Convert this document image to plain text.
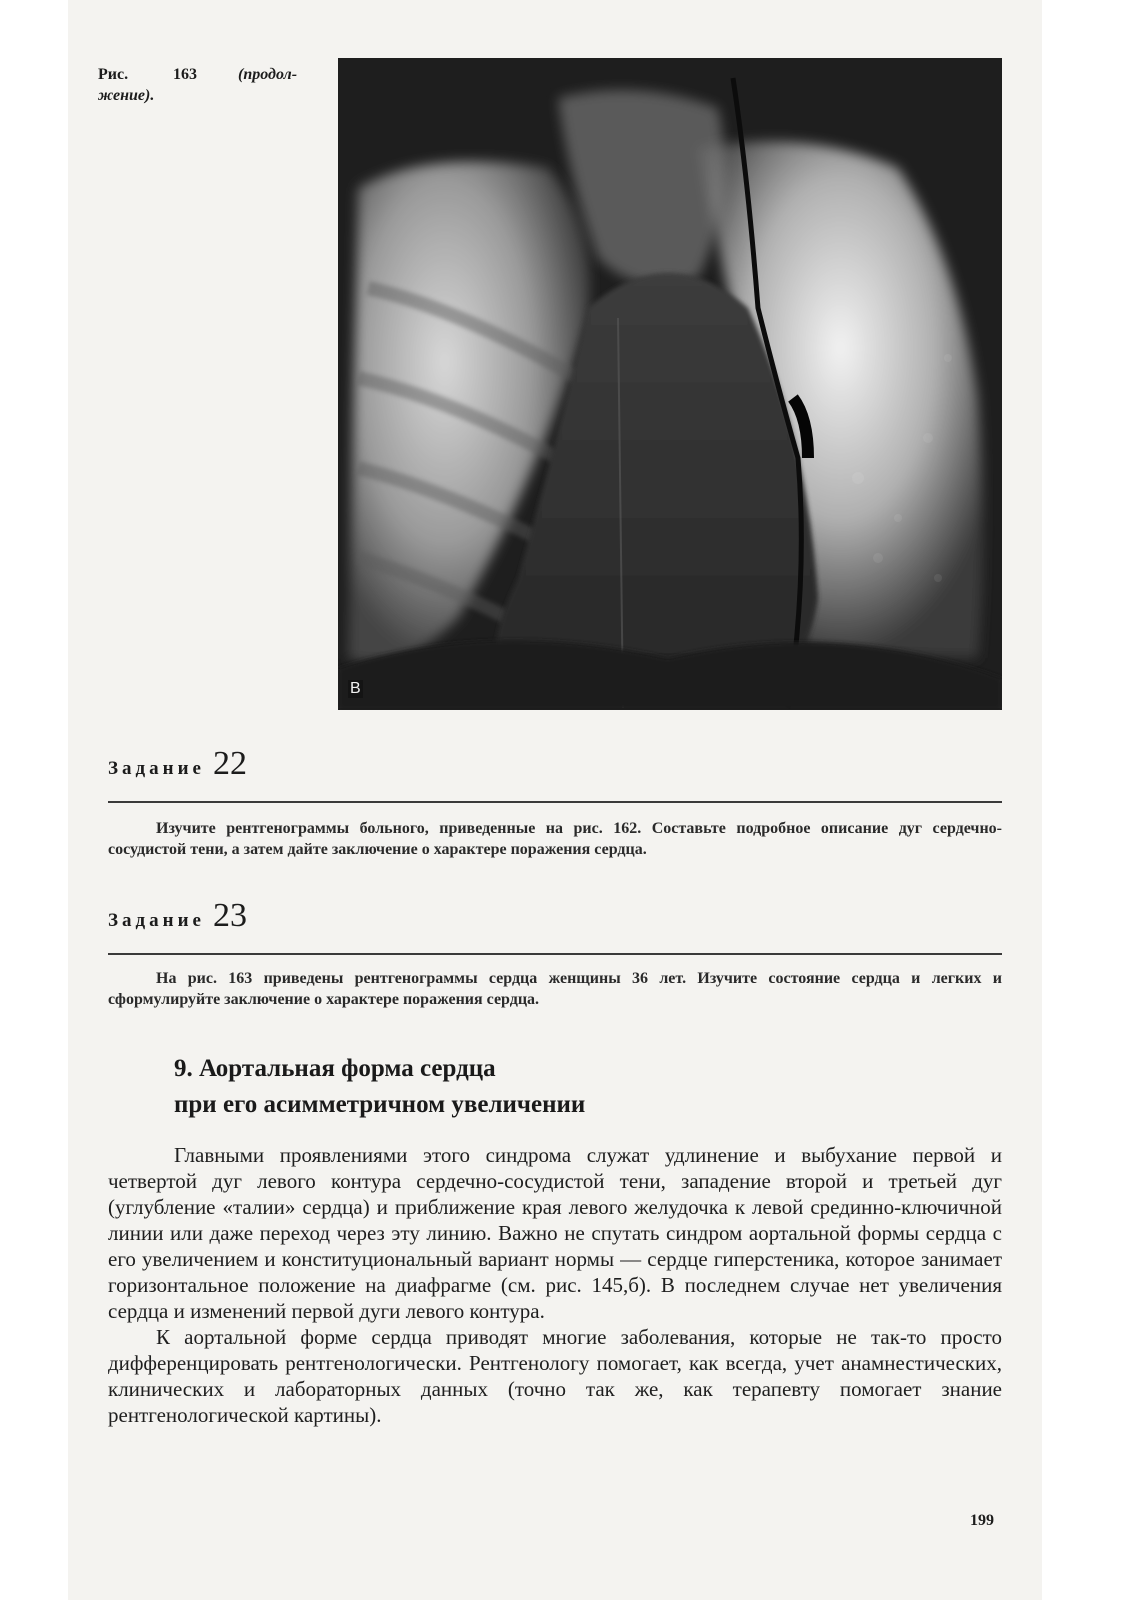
Рис.	163	(продол-
жение).
В
Задание 22
Изучите рентгенограммы больного, приведенные на рис. 162. Составьте подробное описание дуг сердечно-сосудистой тени, а затем дайте заключение о характере поражения сердца.
Задание 23
На рис. 163 приведены рентгенограммы сердца женщины 36 лет. Изучите состояние сердца и легких и сформулируйте заключение о характере поражения сердца.
9. Аортальная форма сердца
при его асимметричном увеличении

Главными проявлениями этого синдрома служат удлинение и выбухание первой и четвертой дуг левого контура сердечно-сосудистой тени, западение второй и третьей дуг (углубление «талии» сердца) и приближение края левого желудочка к левой срединно-ключичной линии или даже переход через эту линию. Важно не спутать синдром аортальной формы сердца с его увеличением и конституциональный вариант нормы — сердце гиперстеника, которое занимает горизонтальное положение на диафрагме (см. рис. 145,б). В последнем случае нет увеличения сердца и изменений первой дуги левого контура.

К аортальной форме сердца приводят многие заболевания, которые не так-то просто дифференцировать рентгенологически. Рентгенологу помогает, как всегда, учет анамнестических, клинических и лабораторных данных (точно так же, как терапевту помогает знание рентгенологической картины).

199
